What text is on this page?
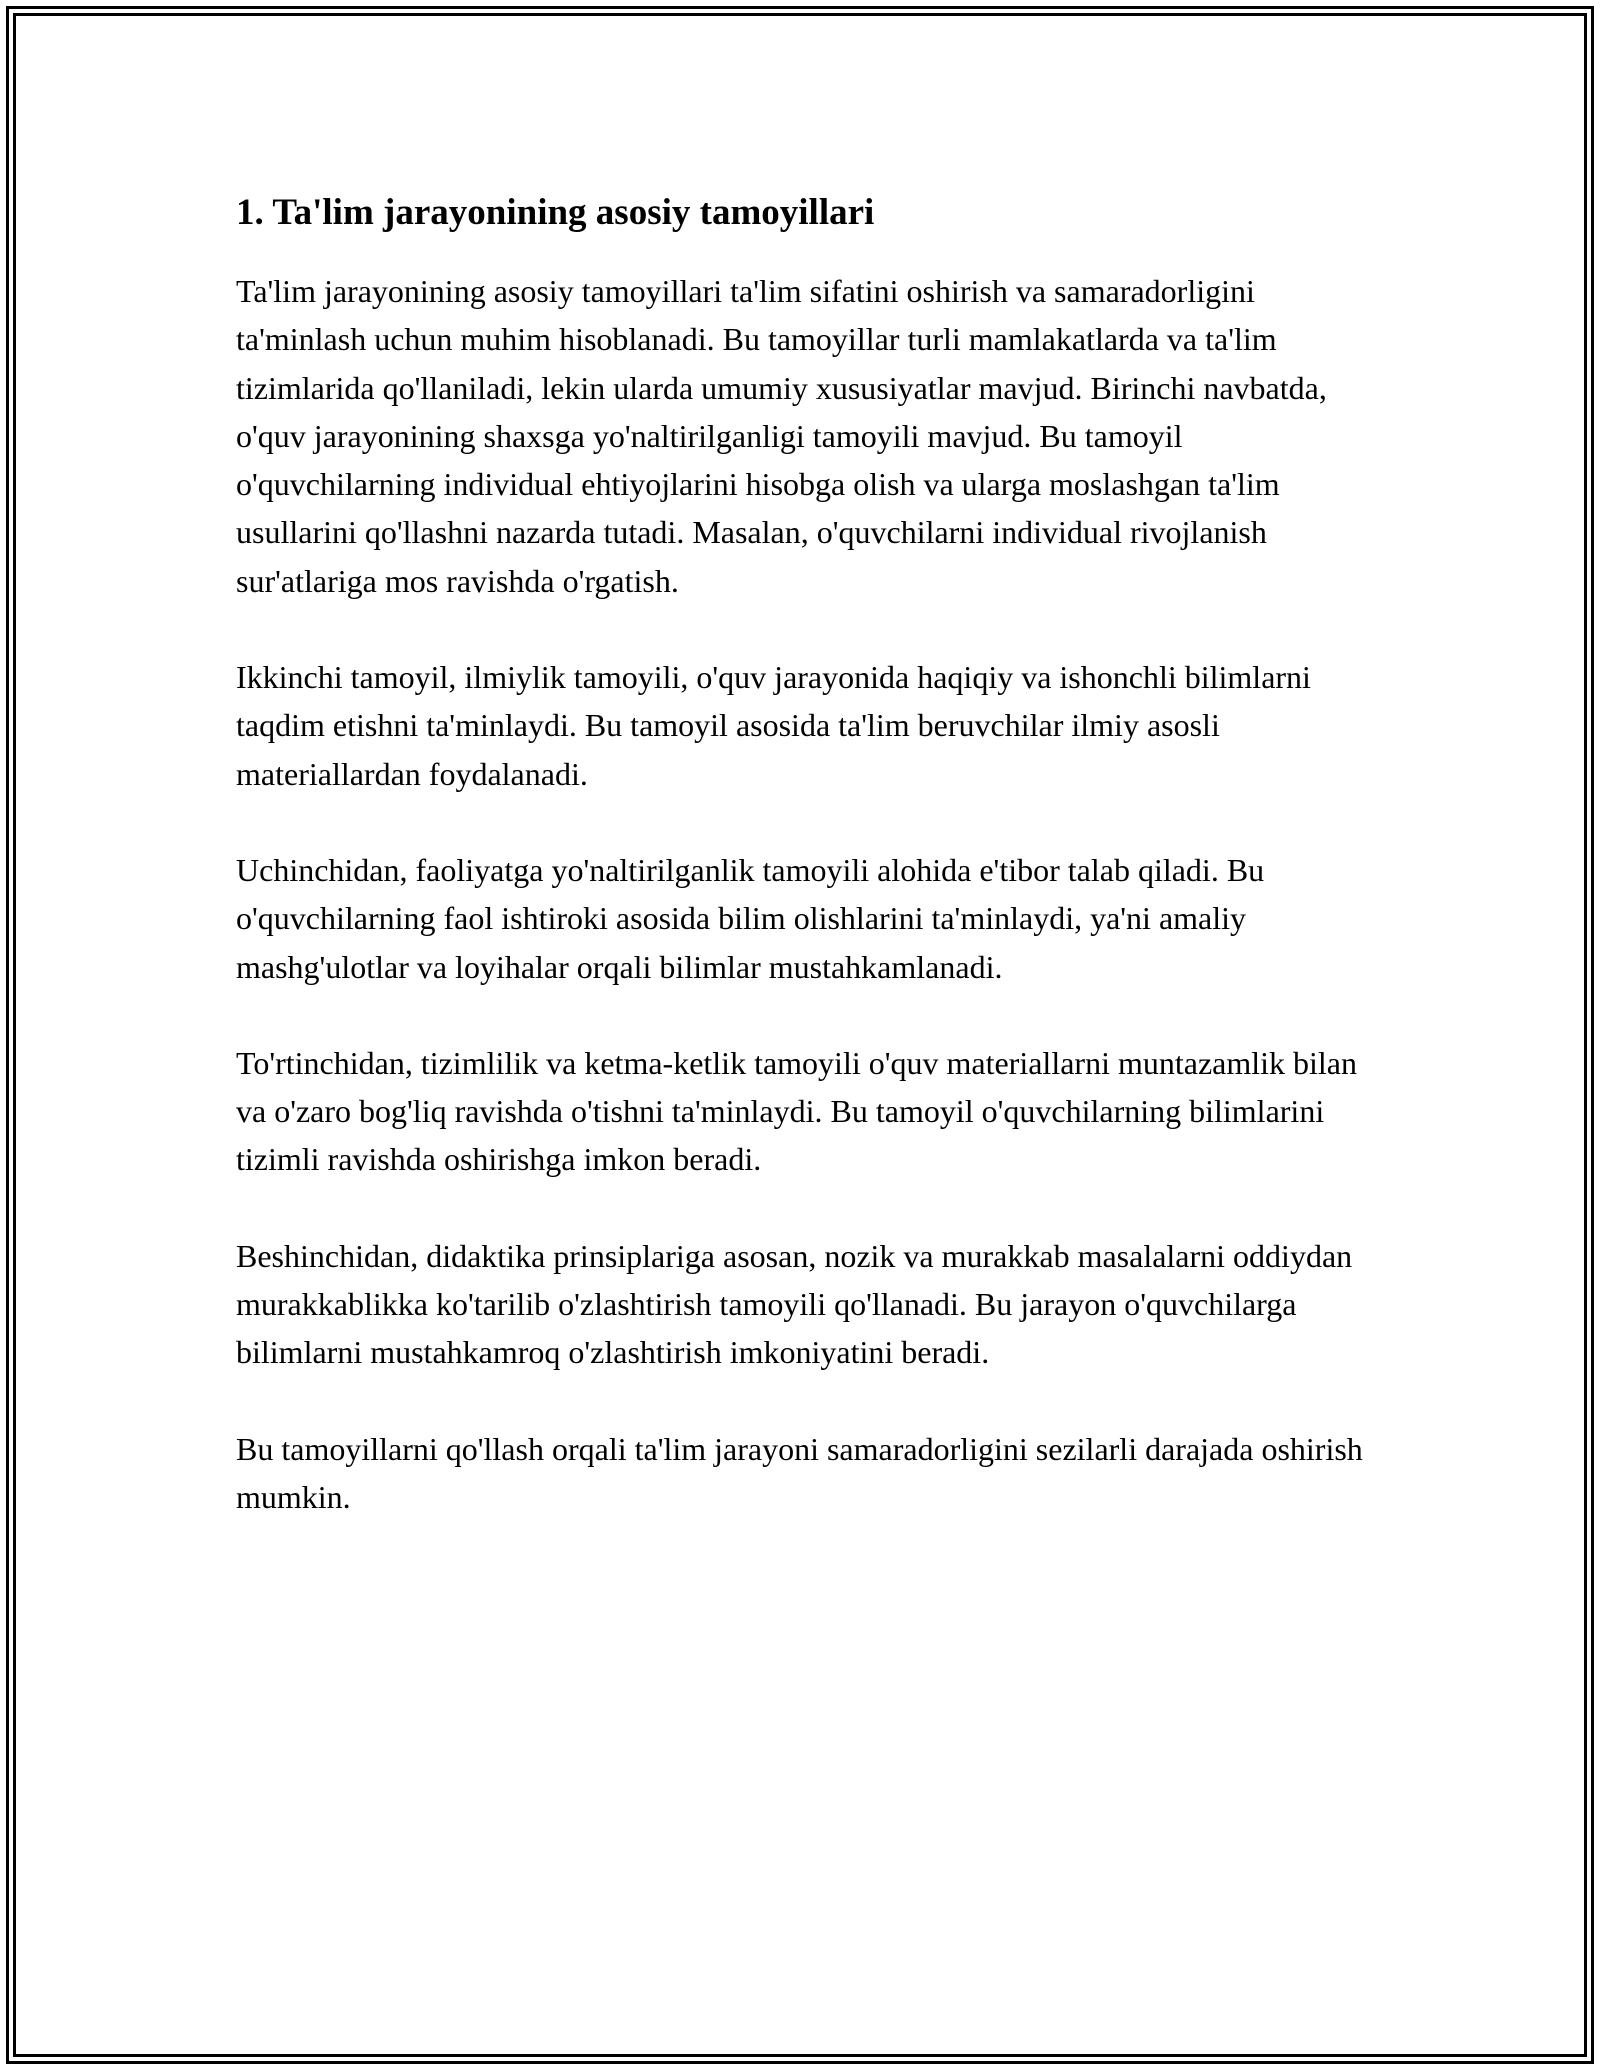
1. Ta'lim jarayonining asosiy tamoyillari

Ta'lim jarayonining asosiy tamoyillari ta'lim sifatini oshirish va samaradorligini ta'minlash uchun muhim hisoblanadi. Bu tamoyillar turli mamlakatlarda va ta'lim tizimlarida qo'llaniladi, lekin ularda umumiy xususiyatlar mavjud. Birinchi navbatda, o'quv jarayonining shaxsga yo'naltirilganligi tamoyili mavjud. Bu tamoyil o'quvchilarning individual ehtiyojlarini hisobga olish va ularga moslashgan ta'lim usullarini qo'llashni nazarda tutadi. Masalan, o'quvchilarni individual rivojlanish sur'atlariga mos ravishda o'rgatish.

Ikkinchi tamoyil, ilmiylik tamoyili, o'quv jarayonida haqiqiy va ishonchli bilimlarni taqdim etishni ta'minlaydi. Bu tamoyil asosida ta'lim beruvchilar ilmiy asosli materiallardan foydalanadi.

Uchinchidan, faoliyatga yo'naltirilganlik tamoyili alohida e'tibor talab qiladi. Bu o'quvchilarning faol ishtiroki asosida bilim olishlarini ta'minlaydi, ya'ni amaliy mashg'ulotlar va loyihalar orqali bilimlar mustahkamlanadi.

To'rtinchidan, tizimlilik va ketma-ketlik tamoyili o'quv materiallarni muntazamlik bilan va o'zaro bog'liq ravishda o'tishni ta'minlaydi. Bu tamoyil o'quvchilarning bilimlarini tizimli ravishda oshirishga imkon beradi.

Beshinchidan, didaktika prinsiplariga asosan, nozik va murakkab masalalarni oddiydan murakkablikka ko'tarilib o'zlashtirish tamoyili qo'llanadi. Bu jarayon o'quvchilarga bilimlarni mustahkamroq o'zlashtirish imkoniyatini beradi.

Bu tamoyillarni qo'llash orqali ta'lim jarayoni samaradorligini sezilarli darajada oshirish mumkin.
